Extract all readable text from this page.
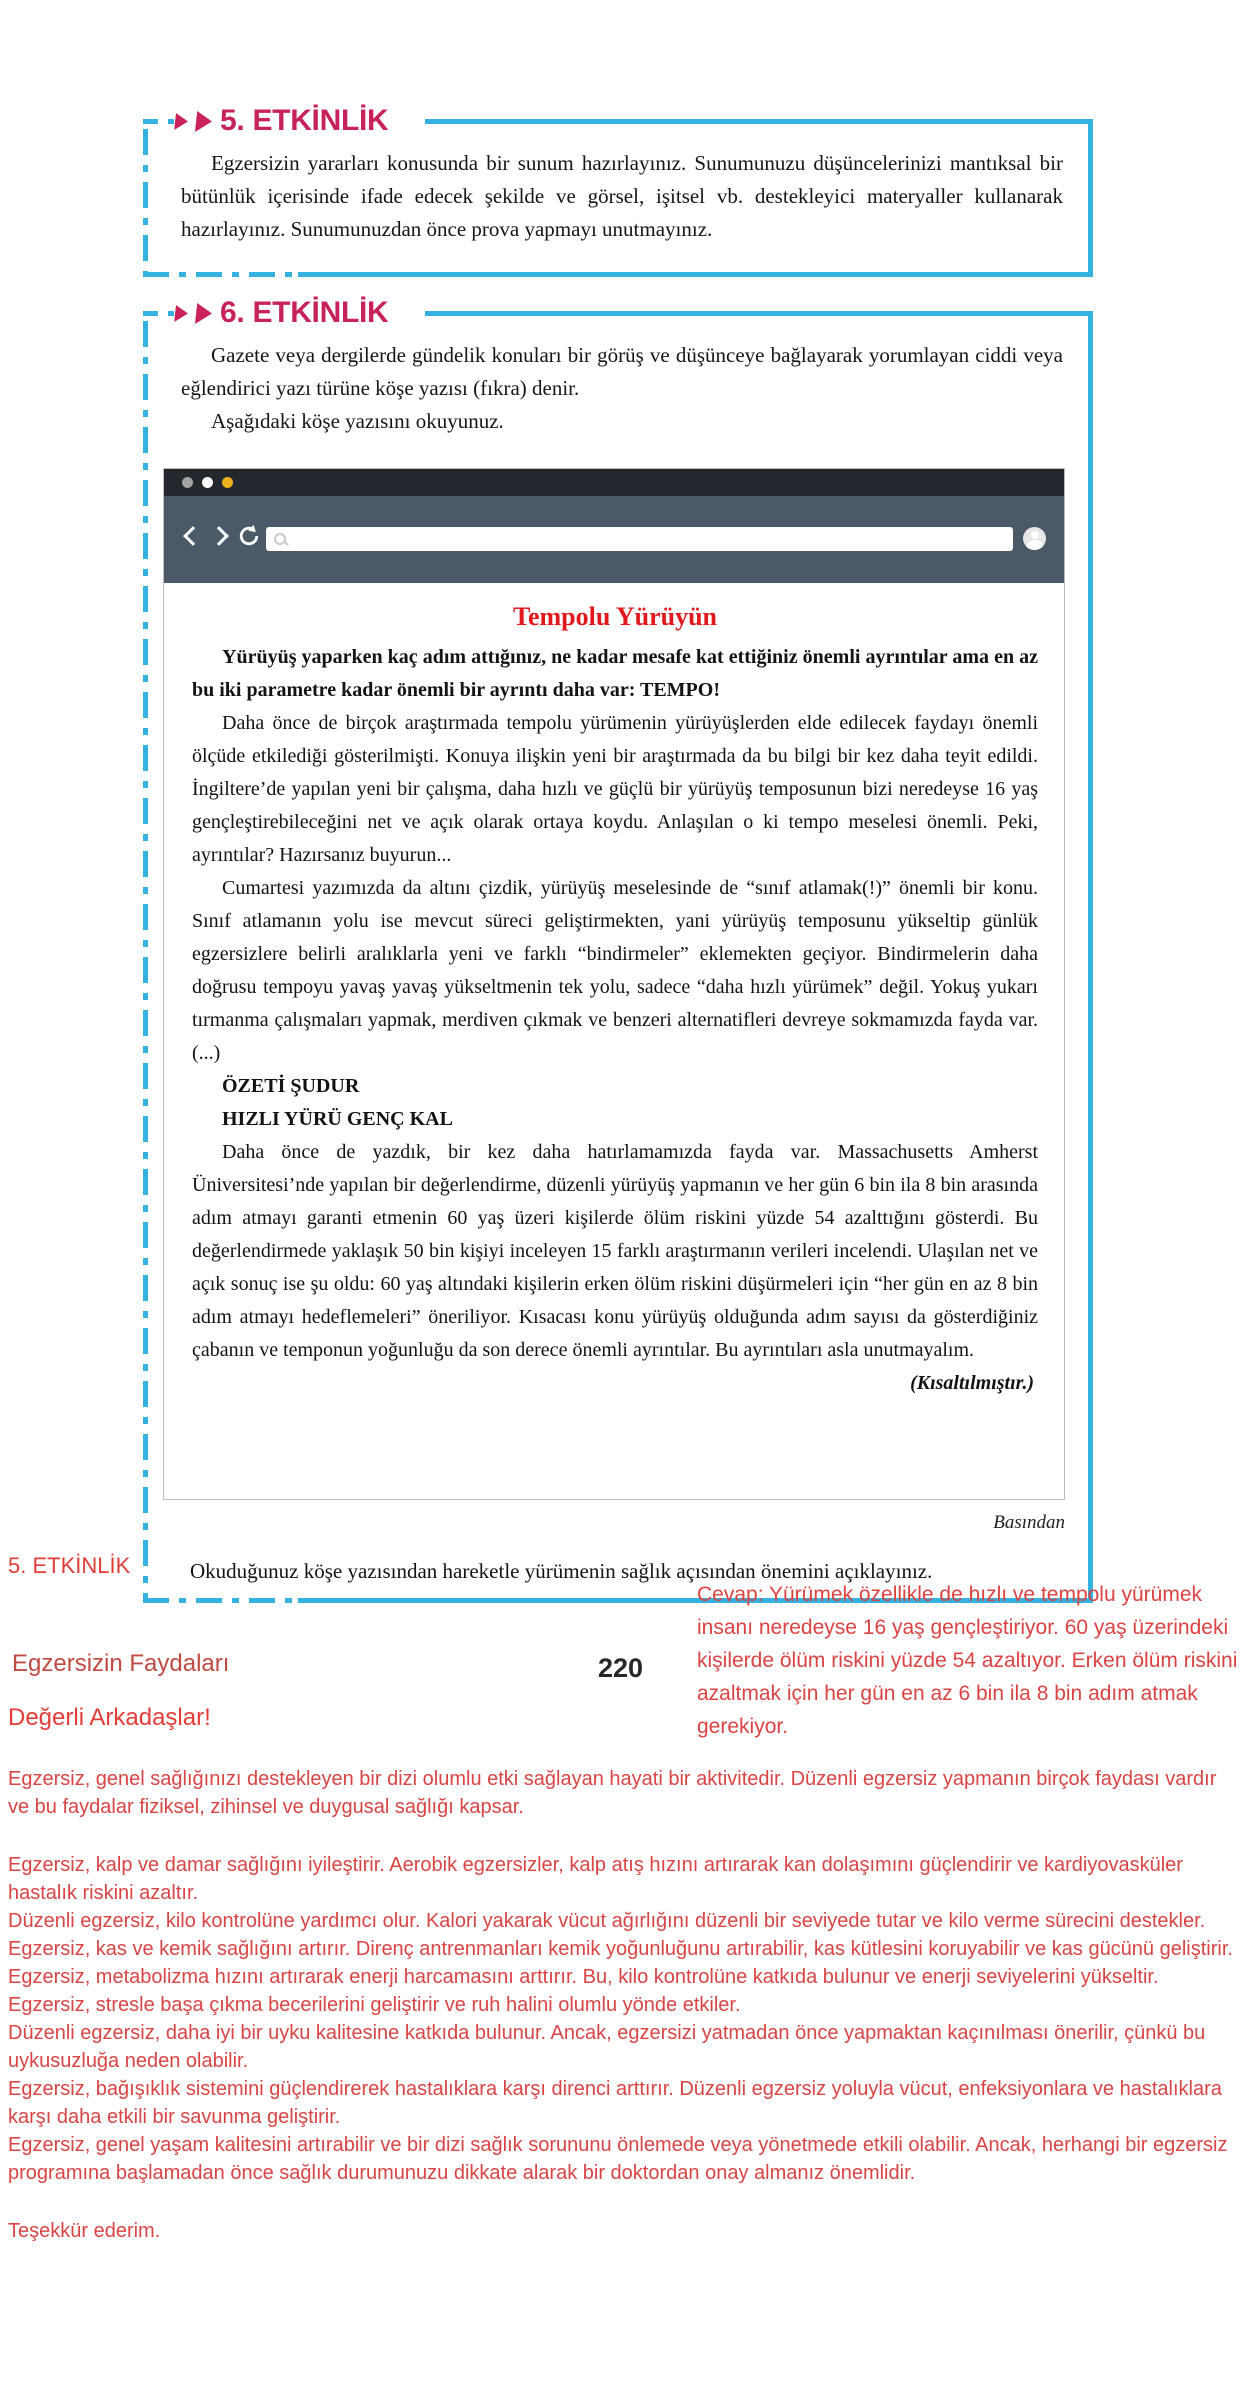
5. ETKİNLİK

Egzersizin yararları konusunda bir sunum hazırlayınız. Sunumunuzu düşüncelerinizi mantıksal bir bütünlük içerisinde ifade edecek şekilde ve görsel, işitsel vb. destekleyici materyaller kullanarak hazırlayınız. Sunumunuzdan önce prova yapmayı unutmayınız.

6. ETKİNLİK

Gazete veya dergilerde gündelik konuları bir görüş ve düşünceye bağlayarak yorumlayan ciddi veya eğlendirici yazı türüne köşe yazısı (fıkra) denir.

Aşağıdaki köşe yazısını okuyunuz.

Tempolu Yürüyün

Yürüyüş yaparken kaç adım attığınız, ne kadar mesafe kat ettiğiniz önemli ayrıntılar ama en az bu iki parametre kadar önemli bir ayrıntı daha var: TEMPO!

Daha önce de birçok araştırmada tempolu yürümenin yürüyüşlerden elde edilecek faydayı önemli ölçüde etkilediği gösterilmişti. Konuya ilişkin yeni bir araştırmada da bu bilgi bir kez daha teyit edildi. İngiltere’de yapılan yeni bir çalışma, daha hızlı ve güçlü bir yürüyüş temposunun bizi neredeyse 16 yaş gençleştirebileceğini net ve açık olarak ortaya koydu. Anlaşılan o ki tempo meselesi önemli. Peki, ayrıntılar? Hazırsanız buyurun...

Cumartesi yazımızda da altını çizdik, yürüyüş meselesinde de “sınıf atlamak(!)” önemli bir konu. Sınıf atlamanın yolu ise mevcut süreci geliştirmekten, yani yürüyüş temposunu yükseltip günlük egzersizlere belirli aralıklarla yeni ve farklı “bindirmeler” eklemekten geçiyor. Bindirmelerin daha doğrusu tempoyu yavaş yavaş yükseltmenin tek yolu, sadece “daha hızlı yürümek” değil. Yokuş yukarı tırmanma çalışmaları yapmak, merdiven çıkmak ve benzeri alternatifleri devreye sokmamızda fayda var. (...)

ÖZETİ ŞUDUR

HIZLI YÜRÜ GENÇ KAL

Daha önce de yazdık, bir kez daha hatırlamamızda fayda var. Massachusetts Amherst Üniversitesi’nde yapılan bir değerlendirme, düzenli yürüyüş yapmanın ve her gün 6 bin ila 8 bin arasında adım atmayı garanti etmenin 60 yaş üzeri kişilerde ölüm riskini yüzde 54 azalttığını gösterdi. Bu değerlendirmede yaklaşık 50 bin kişiyi inceleyen 15 farklı araştırmanın verileri incelendi. Ulaşılan net ve açık sonuç ise şu oldu: 60 yaş altındaki kişilerin erken ölüm riskini düşürmeleri için “her gün en az 8 bin adım atmayı hedeflemeleri” öneriliyor. Kısacası konu yürüyüş olduğunda adım sayısı da gösterdiğiniz çabanın ve temponun yoğunluğu da son derece önemli ayrıntılar. Bu ayrıntıları asla unutmayalım.

(Kısaltılmıştır.)

Basından

Okuduğunuz köşe yazısından hareketle yürümenin sağlık açısından önemini açıklayınız.

5. ETKİNLİK
Cevap: Yürümek özellikle de hızlı ve tempolu yürümek insanı neredeyse 16 yaş gençleştiriyor. 60 yaş üzerindeki kişilerde ölüm riskini yüzde 54 azaltıyor. Erken ölüm riskini azaltmak için her gün en az 6 bin ila 8 bin adım atmak gerekiyor.
Egzersizin Faydaları	220
Değerli Arkadaşlar!

Egzersiz, genel sağlığınızı destekleyen bir dizi olumlu etki sağlayan hayati bir aktivitedir. Düzenli egzersiz yapmanın birçok faydası vardır ve bu faydalar fiziksel, zihinsel ve duygusal sağlığı kapsar.

Egzersiz, kalp ve damar sağlığını iyileştirir. Aerobik egzersizler, kalp atış hızını artırarak kan dolaşımını güçlendirir ve kardiyovasküler hastalık riskini azaltır.

Düzenli egzersiz, kilo kontrolüne yardımcı olur. Kalori yakarak vücut ağırlığını düzenli bir seviyede tutar ve kilo verme sürecini destekler.

Egzersiz, kas ve kemik sağlığını artırır. Direnç antrenmanları kemik yoğunluğunu artırabilir, kas kütlesini koruyabilir ve kas gücünü geliştirir.

Egzersiz, metabolizma hızını artırarak enerji harcamasını arttırır. Bu, kilo kontrolüne katkıda bulunur ve enerji seviyelerini yükseltir.

Egzersiz, stresle başa çıkma becerilerini geliştirir ve ruh halini olumlu yönde etkiler.

Düzenli egzersiz, daha iyi bir uyku kalitesine katkıda bulunur. Ancak, egzersizi yatmadan önce yapmaktan kaçınılması önerilir, çünkü bu uykusuzluğa neden olabilir.

Egzersiz, bağışıklık sistemini güçlendirerek hastalıklara karşı direnci arttırır. Düzenli egzersiz yoluyla vücut, enfeksiyonlara ve hastalıklara karşı daha etkili bir savunma geliştirir.

Egzersiz, genel yaşam kalitesini artırabilir ve bir dizi sağlık sorununu önlemede veya yönetmede etkili olabilir. Ancak, herhangi bir egzersiz programına başlamadan önce sağlık durumunuzu dikkate alarak bir doktordan onay almanız önemlidir.

Teşekkür ederim.
